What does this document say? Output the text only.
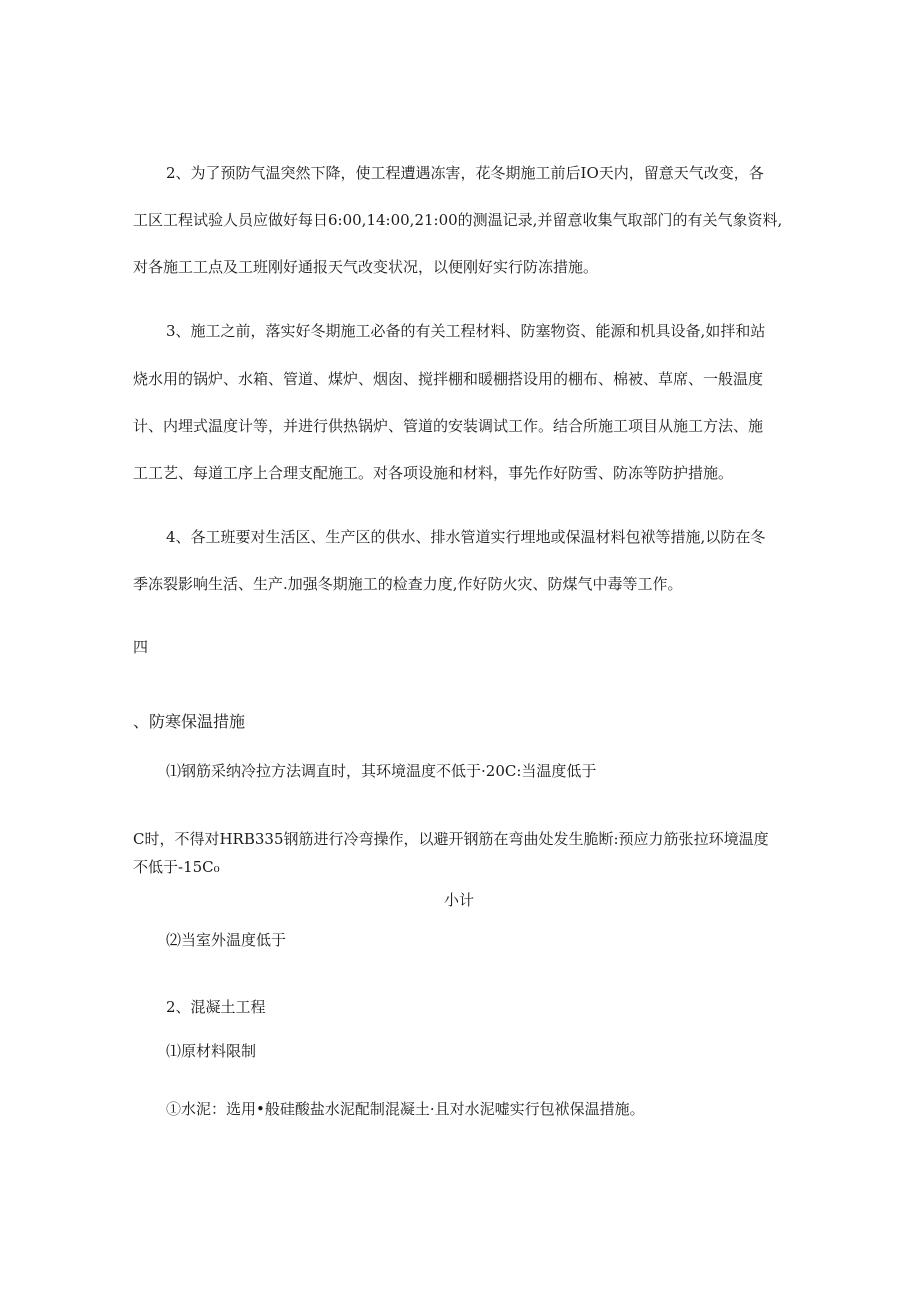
2、为了预防气温突然下降，使工程遭遇冻害，花冬期施工前后IO天内，留意天气改变，各
工区工程试验人员应做好每日6:00,14:00,21:00的测温记录,并留意收集气取部门的有关气象资料,
对各施工工点及工班刚好通报天气改变状况，以便刚好实行防冻措施。
3、施工之前，落实好冬期施工必备的有关工程材料、防塞物资、能源和机具设备,如拌和站
烧水用的锅炉、水箱、管道、煤炉、烟囱、搅拌棚和暖棚搭设用的棚布、棉被、草席、一般温度
计、内埋式温度计等，并进行供热锅炉、管道的安装调试工作。结合所施工项目从施工方法、施
工工艺、每道工序上合理支配施工。对各项设施和材料，事先作好防雪、防冻等防护措施。
4、各工班要对生活区、生产区的供水、排水管道实行埋地或保温材料包袱等措施,以防在冬
季冻裂影响生活、生产.加强冬期施工的检查力度,作好防火灾、防煤气中毒等工作。
四
、防寒保温措施
⑴钢筋采纳冷拉方法调直时，其环境温度不低于·20C:当温度低于
C时，不得对HRB335钢筋进行冷弯操作，以避开钢筋在弯曲处发生脆断:预应力筋张拉环境温度
不低于-15C₀
小计
⑵当室外温度低于
2、混凝土工程
⑴原材料限制
①水泥：选用•般硅酸盐水泥配制混凝土·且对水泥嘘实行包袱保温措施。
